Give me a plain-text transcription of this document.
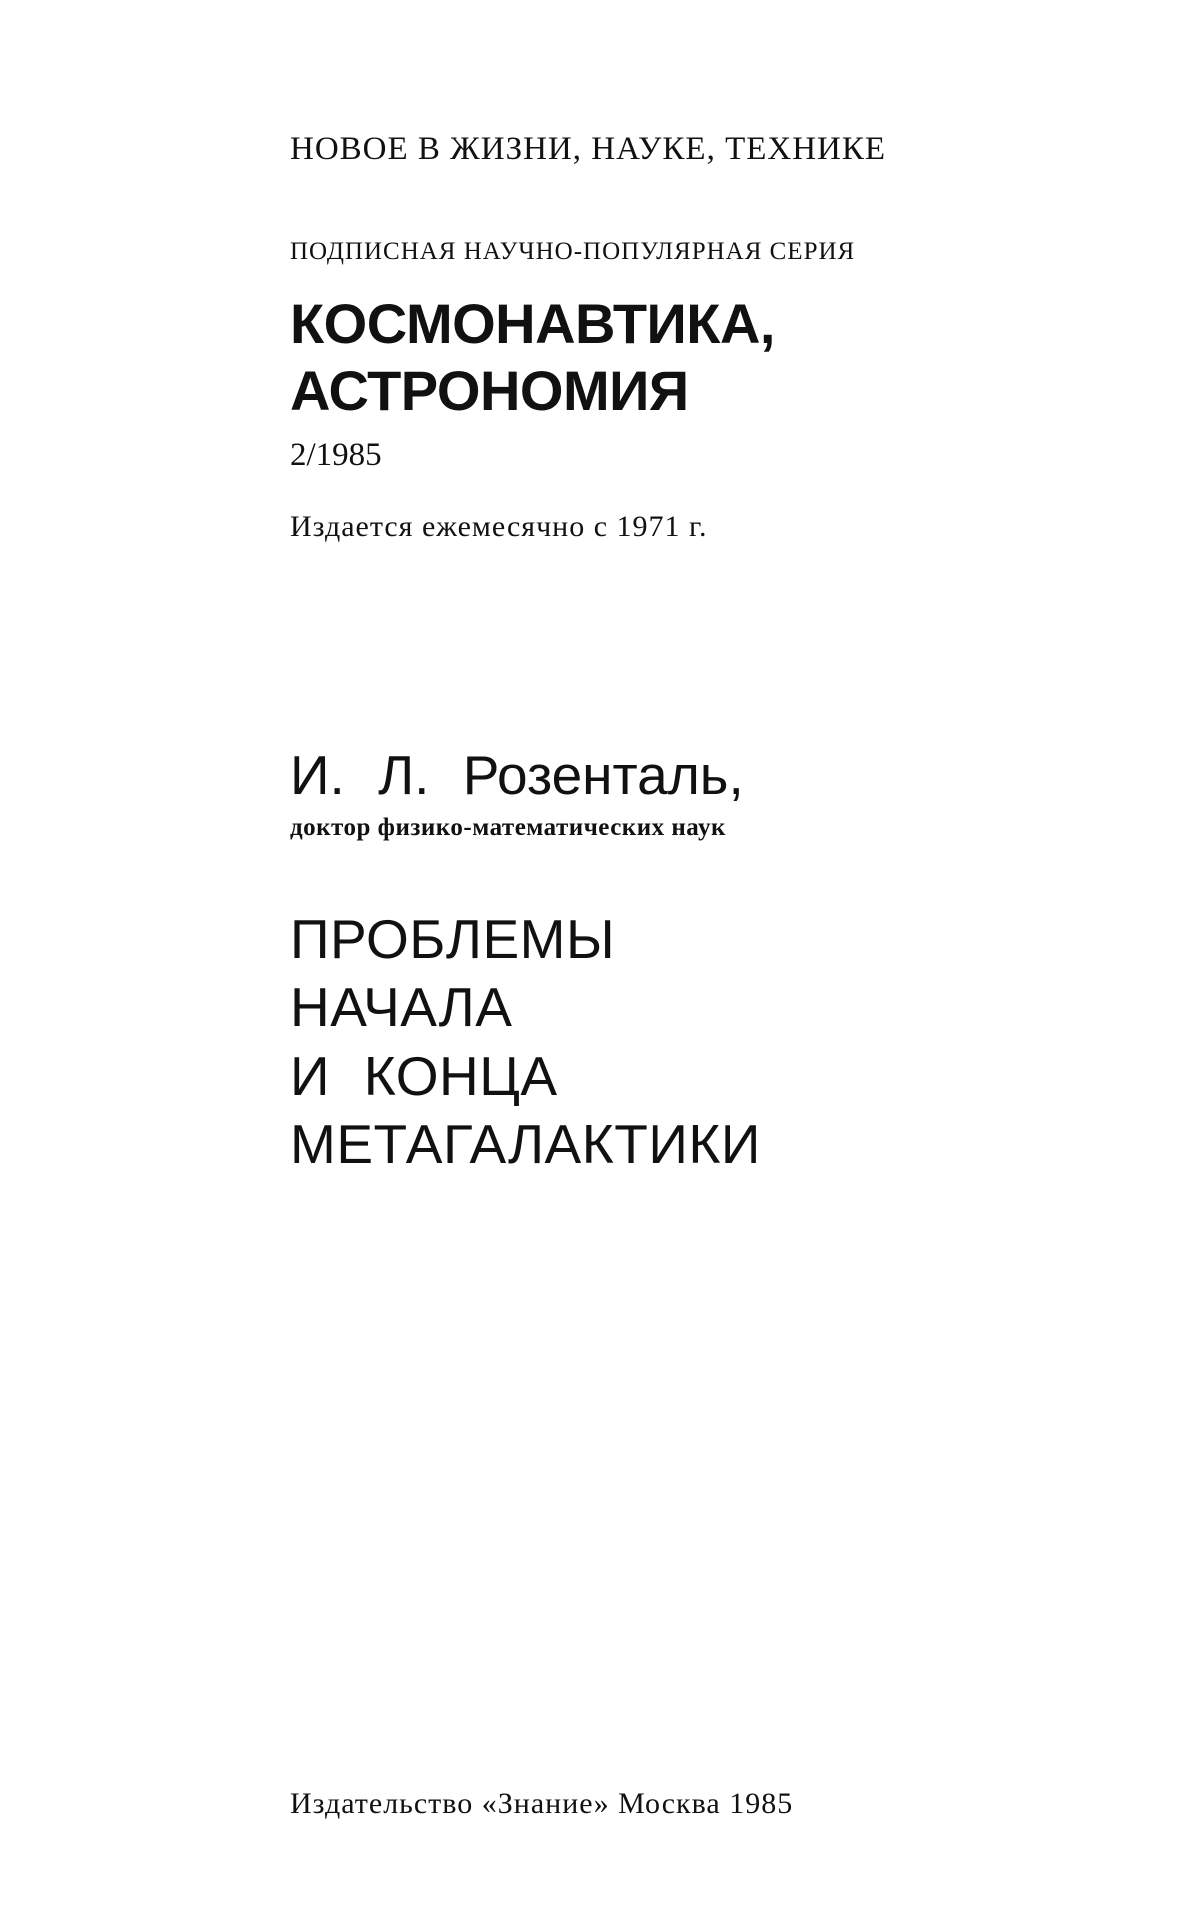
НОВОЕ В ЖИЗНИ, НАУКЕ, ТЕХНИКЕ
ПОДПИСНАЯ НАУЧНО-ПОПУЛЯРНАЯ СЕРИЯ
КОСМОНАВТИКА,
АСТРОНОМИЯ
2/1985
Издается ежемесячно с 1971 г.
И. Л. Розенталь,
доктор физико-математических наук
ПРОБЛЕМЫ
НАЧАЛА
И КОНЦА
МЕТАГАЛАКТИКИ
Издательство «Знание» Москва 1985
